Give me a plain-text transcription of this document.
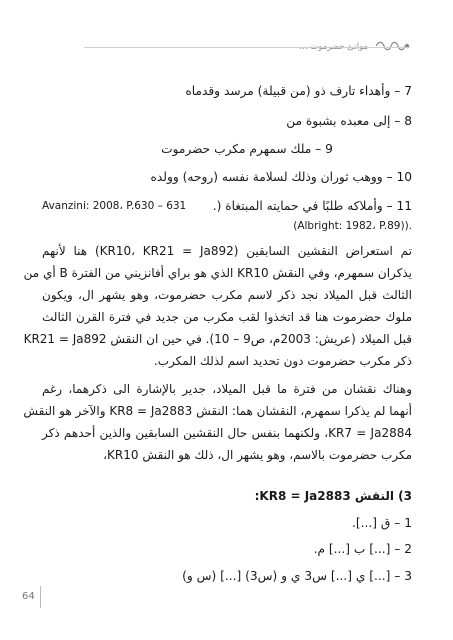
موانئ حضرموت ...
7 – وأهداء تارف ذو (من قبيلة) مرسد وقدماه
8 – إلى معبده بشبوة من
9 – ملك سمهرم مكرب حضرموت
10 – ووهب ثوران وذلك لسلامة نفسه (روحه) وولده
11 – وأملاكه طلبًا في حمايته المبتغاة (.
Avanzini: 2008، P.630 – 631
(Albright: 1982، P.89)).
تم استعراض النقشين السابقين (KR10، KR21 = Ja892) هنا لأنهم
يذكران سمهرم، وفي النقش KR10 الذي هو براي أفانزيني من الفترة B أي من
الثالث قبل الميلاد نجد ذكر لاسم مكرب حضرموت، وهو يشهر ال، ويكون
ملوك حضرموت هنا قد اتخذوا لقب مكرب من جديد في فترة القرن الثالث
قبل الميلاد (عريش: 2003م، ص9 – 10). في حين ان النقش KR21 = Ja892
ذكر مكرب حضرموت دون تحديد اسم لذلك المكرب.
وهناك نقشان من فترة ما قبل الميلاد، جدير بالإشارة الى ذكرهما، رغم
أنهما لم يذكرا سمهرم، النقشان هما: النقش KR8 = Ja2883 والآخر هو النقش
KR7 = Ja2884، ولكنهما بنفس حال النقشين السابقين والذين أحدهم ذكر
مكرب حضرموت بالاسم، وهو يشهر ال، ذلك هو النقش KR10،
3) النقش KR8 = Ja2883:
1 – ق [...].
2 – [...] ب [...] م.
3 – [...] ي [...] س3 ي و (س3) [...] (س و)
64
